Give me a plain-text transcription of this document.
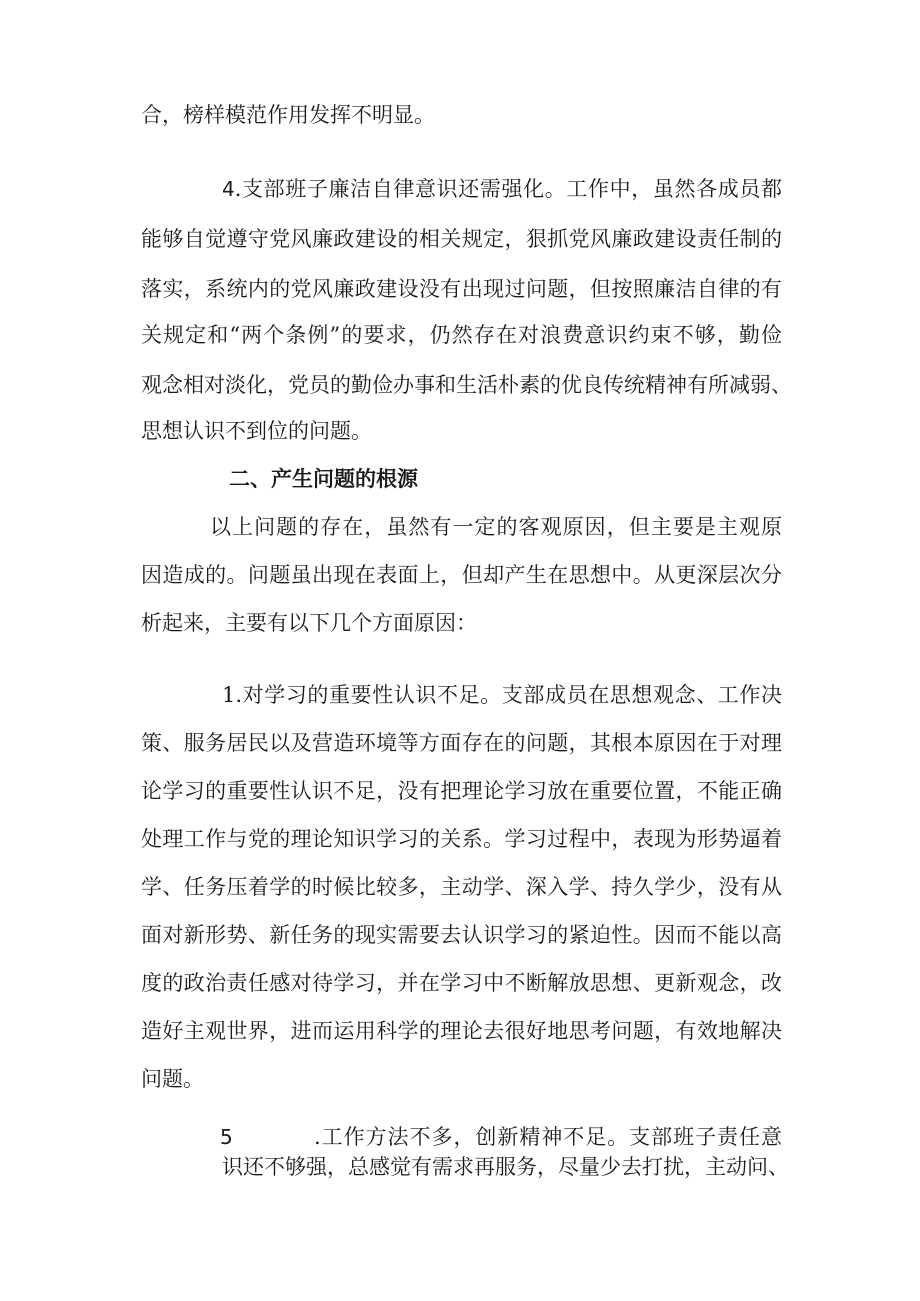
合，榜样模范作用发挥不明显。
4.支部班子廉洁自律意识还需强化。工作中，虽然各成员都
能够自觉遵守党风廉政建设的相关规定，狠抓党风廉政建设责任制的
落实，系统内的党风廉政建设没有出现过问题，但按照廉洁自律的有
关规定和“两个条例”的要求，仍然存在对浪费意识约束不够，勤俭
观念相对淡化，党员的勤俭办事和生活朴素的优良传统精神有所减弱、
思想认识不到位的问题。
二、产生问题的根源
以上问题的存在，虽然有一定的客观原因，但主要是主观原
因造成的。问题虽出现在表面上，但却产生在思想中。从更深层次分
析起来，主要有以下几个方面原因：
1.对学习的重要性认识不足。支部成员在思想观念、工作决
策、服务居民以及营造环境等方面存在的问题，其根本原因在于对理
论学习的重要性认识不足，没有把理论学习放在重要位置，不能正确
处理工作与党的理论知识学习的关系。学习过程中，表现为形势逼着
学、任务压着学的时候比较多，主动学、深入学、持久学少，没有从
面对新形势、新任务的现实需要去认识学习的紧迫性。因而不能以高
度的政治责任感对待学习，并在学习中不断解放思想、更新观念，改
造好主观世界，进而运用科学的理论去很好地思考问题，有效地解决
问题。
5	.工作方法不多，创新精神不足。支部班子责任意
识还不够强，总感觉有需求再服务，尽量少去打扰，主动问、
